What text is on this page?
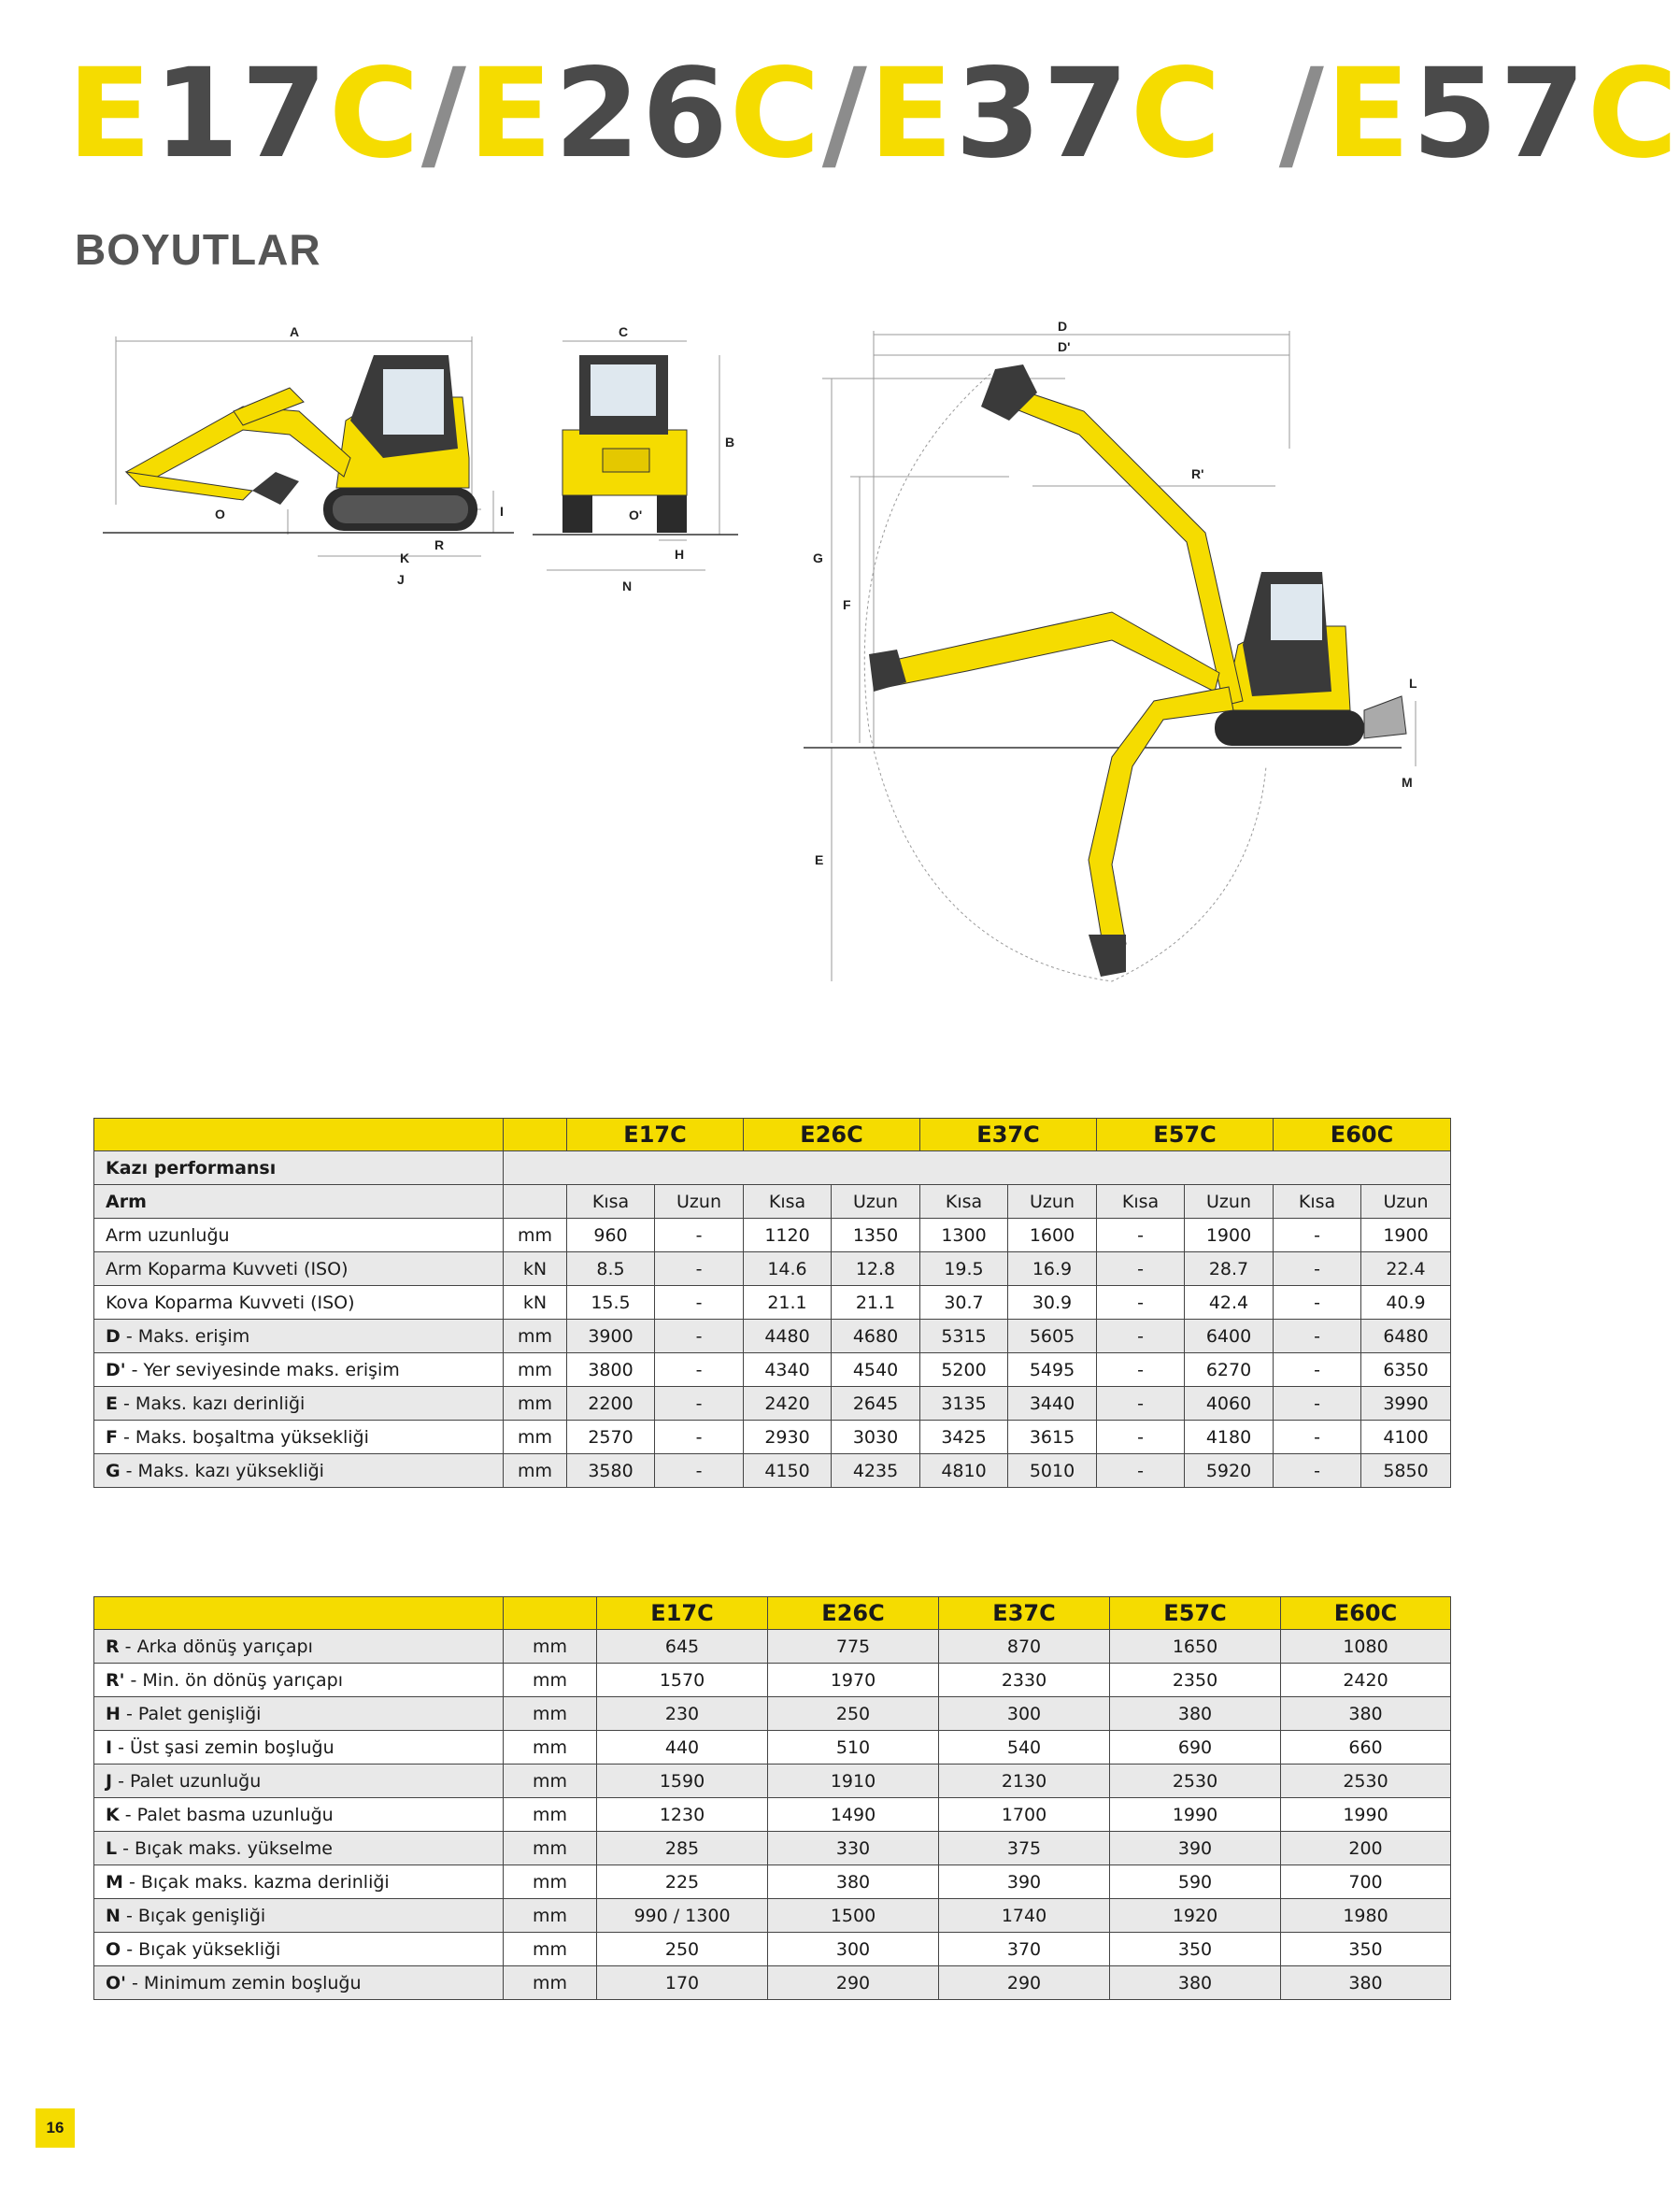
E17C/E26C/E37C /E57C
BOYUTLAR
A
O	I
R
K
J
C
B
O'
H
N
D
D'
R'
G
F
E
L
M
		E17C		E26C		E37C		E57C		E60C	
Kazı performansı											
Arm		Kısa	Uzun	Kısa	Uzun	Kısa	Uzun	Kısa	Uzun	Kısa	Uzun
Arm uzunluğu	mm	960	-	1120	1350	1300	1600	-	1900	-	1900
Arm Koparma Kuvveti (ISO)	kN	8.5	-	14.6	12.8	19.5	16.9	-	28.7	-	22.4
Kova Koparma Kuvveti (ISO)	kN	15.5	-	21.1	21.1	30.7	30.9	-	42.4	-	40.9
D - Maks. erişim	mm	3900	-	4480	4680	5315	5605	-	6400	-	6480
D' - Yer seviyesinde maks. erişim	mm	3800	-	4340	4540	5200	5495	-	6270	-	6350
E - Maks. kazı derinliği	mm	2200	-	2420	2645	3135	3440	-	4060	-	3990
F - Maks. boşaltma yüksekliği	mm	2570	-	2930	3030	3425	3615	-	4180	-	4100
G - Maks. kazı yüksekliği	mm	3580	-	4150	4235	4810	5010	-	5920	-	5850
		E17C	E26C	E37C	E57C	E60C
R - Arka dönüş yarıçapı	mm	645	775	870	1650	1080
R' - Min. ön dönüş yarıçapı	mm	1570	1970	2330	2350	2420
H - Palet genişliği	mm	230	250	300	380	380
I - Üst şasi zemin boşluğu	mm	440	510	540	690	660
J - Palet uzunluğu	mm	1590	1910	2130	2530	2530
K - Palet basma uzunluğu	mm	1230	1490	1700	1990	1990
L - Bıçak maks. yükselme	mm	285	330	375	390	200
M - Bıçak maks. kazma derinliği	mm	225	380	390	590	700
N - Bıçak genişliği	mm	990 / 1300	1500	1740	1920	1980
O - Bıçak yüksekliği	mm	250	300	370	350	350
O' - Minimum zemin boşluğu	mm	170	290	290	380	380
16
